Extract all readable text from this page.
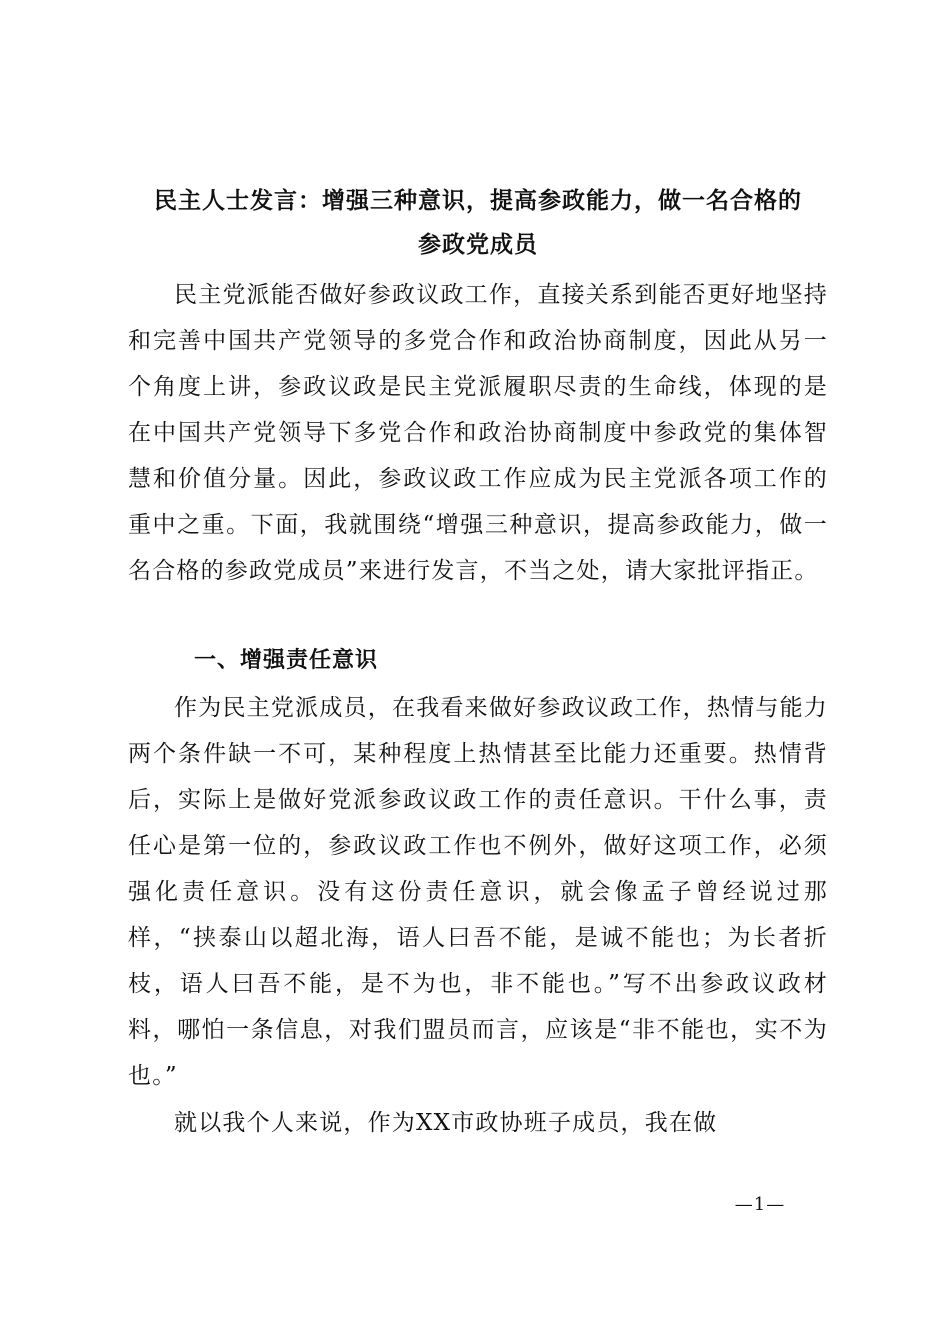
民主人士发言：增强三种意识，提高参政能力，做一名合格的
参政党成员

民主党派能否做好参政议政工作，直接关系到能否更好地坚持和完善中国共产党领导的多党合作和政治协商制度，因此从另一个角度上讲，参政议政是民主党派履职尽责的生命线，体现的是在中国共产党领导下多党合作和政治协商制度中参政党的集体智慧和价值分量。因此，参政议政工作应成为民主党派各项工作的重中之重。下面，我就围绕“增强三种意识，提高参政能力，做一名合格的参政党成员”来进行发言，不当之处，请大家批评指正。

一、增强责任意识

作为民主党派成员，在我看来做好参政议政工作，热情与能力两个条件缺一不可，某种程度上热情甚至比能力还重要。热情背后，实际上是做好党派参政议政工作的责任意识。干什么事，责任心是第一位的，参政议政工作也不例外，做好这项工作，必须强化责任意识。没有这份责任意识，就会像孟子曾经说过那样，“挟泰山以超北海，语人曰吾不能，是诚不能也；为长者折枝，语人曰吾不能，是不为也，非不能也。”写不出参政议政材料，哪怕一条信息，对我们盟员而言，应该是“非不能也，实不为也。”

就以我个人来说，作为XX市政协班子成员，我在做

—1—
